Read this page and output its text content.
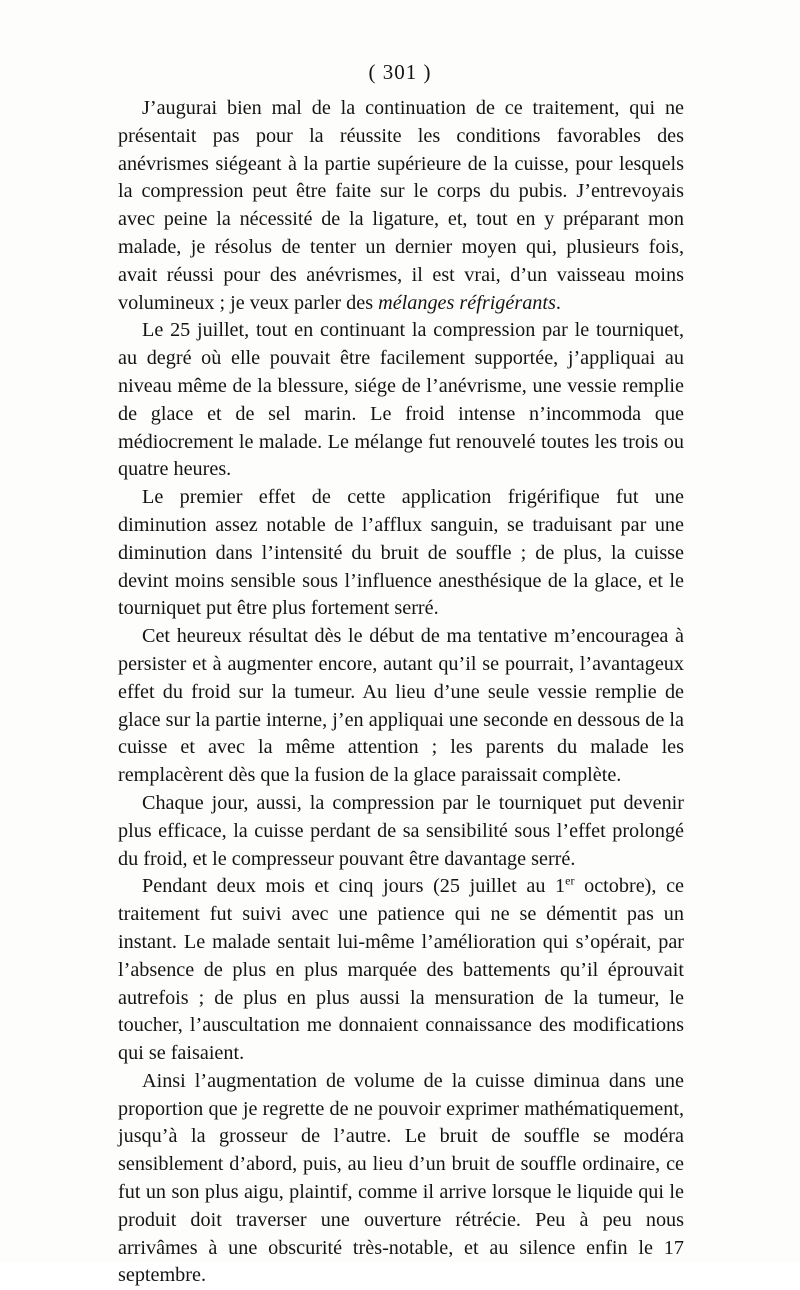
( 301 )

J’augurai bien mal de la continuation de ce traitement, qui ne présentait pas pour la réussite les conditions favorables des anévrismes siégeant à la partie supérieure de la cuisse, pour lesquels la compression peut être faite sur le corps du pubis. J’entrevoyais avec peine la nécessité de la ligature, et, tout en y préparant mon malade, je résolus de tenter un dernier moyen qui, plusieurs fois, avait réussi pour des anévrismes, il est vrai, d’un vaisseau moins volumineux ; je veux parler des mélanges réfrigérants.

Le 25 juillet, tout en continuant la compression par le tourniquet, au degré où elle pouvait être facilement supportée, j’appliquai au niveau même de la blessure, siége de l’anévrisme, une vessie remplie de glace et de sel marin. Le froid intense n’incommoda que médiocrement le malade. Le mélange fut renouvelé toutes les trois ou quatre heures.

Le premier effet de cette application frigérifique fut une diminution assez notable de l’afflux sanguin, se traduisant par une diminution dans l’intensité du bruit de souffle ; de plus, la cuisse devint moins sensible sous l’influence anesthésique de la glace, et le tourniquet put être plus fortement serré.

Cet heureux résultat dès le début de ma tentative m’encouragea à persister et à augmenter encore, autant qu’il se pourrait, l’avantageux effet du froid sur la tumeur. Au lieu d’une seule vessie remplie de glace sur la partie interne, j’en appliquai une seconde en dessous de la cuisse et avec la même attention ; les parents du malade les remplacèrent dès que la fusion de la glace paraissait complète.

Chaque jour, aussi, la compression par le tourniquet put devenir plus efficace, la cuisse perdant de sa sensibilité sous l’effet prolongé du froid, et le compresseur pouvant être davantage serré.

Pendant deux mois et cinq jours (25 juillet au 1er octobre), ce traitement fut suivi avec une patience qui ne se démentit pas un instant. Le malade sentait lui-même l’amélioration qui s’opérait, par l’absence de plus en plus marquée des battements qu’il éprouvait autrefois ; de plus en plus aussi la mensuration de la tumeur, le toucher, l’auscultation me donnaient connaissance des modifications qui se faisaient.

Ainsi l’augmentation de volume de la cuisse diminua dans une proportion que je regrette de ne pouvoir exprimer mathématiquement, jusqu’à la grosseur de l’autre. Le bruit de souffle se modéra sensiblement d’abord, puis, au lieu d’un bruit de souffle ordinaire, ce fut un son plus aigu, plaintif, comme il arrive lorsque le liquide qui le produit doit traverser une ouverture rétrécie. Peu à peu nous arrivâmes à une obscurité très-notable, et au silence enfin le 17 septembre.
